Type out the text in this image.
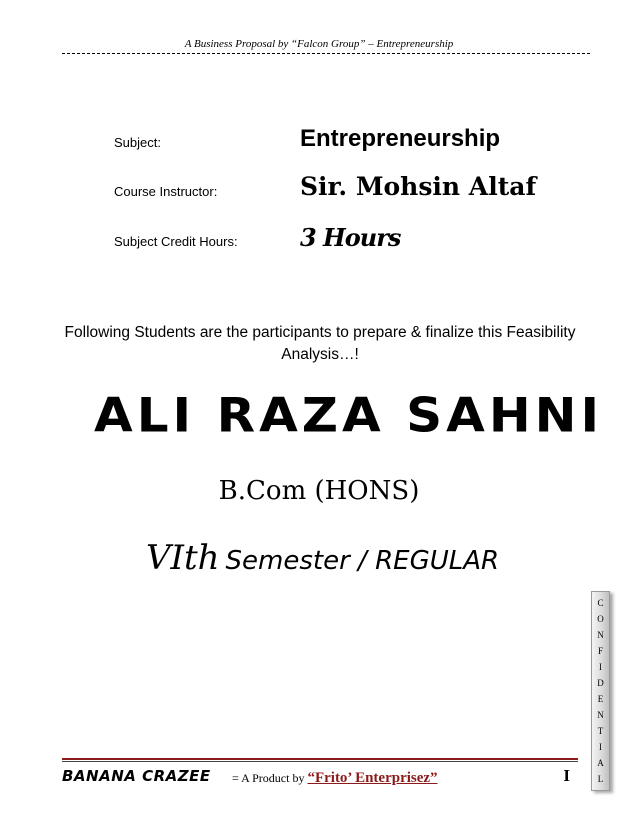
A Business Proposal by “Falcon Group” – Entrepreneurship
Subject:	Entrepreneurship
Course Instructor:	Sir. Mohsin Altaf
Subject Credit Hours:	3 Hours
Following Students are the participants to prepare & finalize this Feasibility Analysis…!
ALI RAZA SAHNI
B.Com (HONS)
VIth Semester / REGULAR
C
O
N
F
I
D
E
N
T
I
A
L
BANANA CRAZEE = A Product by “Frito’ Enterprisez”	I
